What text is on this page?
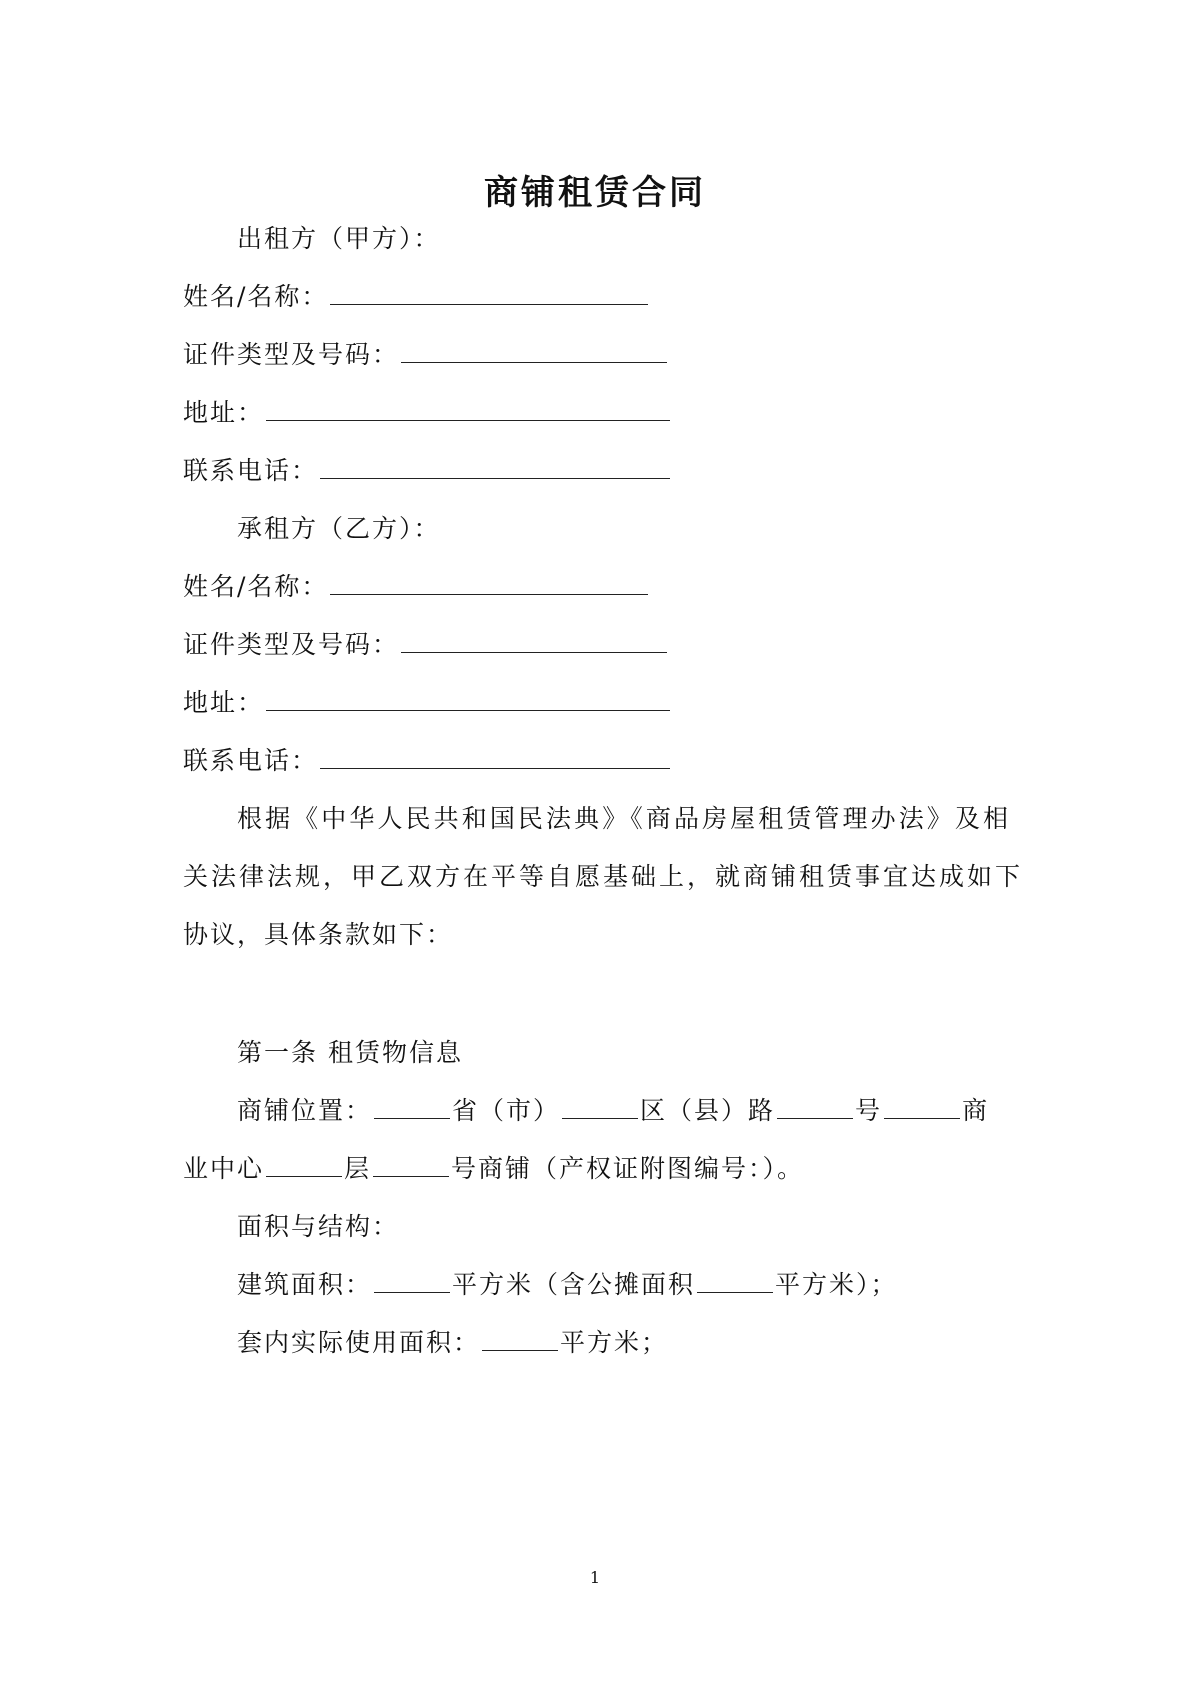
商铺租赁合同
出租方（甲方）：
姓名/名称：
证件类型及号码：
地址：
联系电话：
承租方（乙方）：
姓名/名称：
证件类型及号码：
地址：
联系电话：
根据《中华人民共和国民法典》《商品房屋租赁管理办法》及相
关法律法规，甲乙双方在平等自愿基础上，就商铺租赁事宜达成如下
协议，具体条款如下：
第一条 租赁物信息
商铺位置：	省（市）	区（县）路	号	商
业中心	层	号商铺（产权证附图编号：）。
面积与结构：
建筑面积：	平方米（含公摊面积	平方米）；
套内实际使用面积：	平方米；
1
